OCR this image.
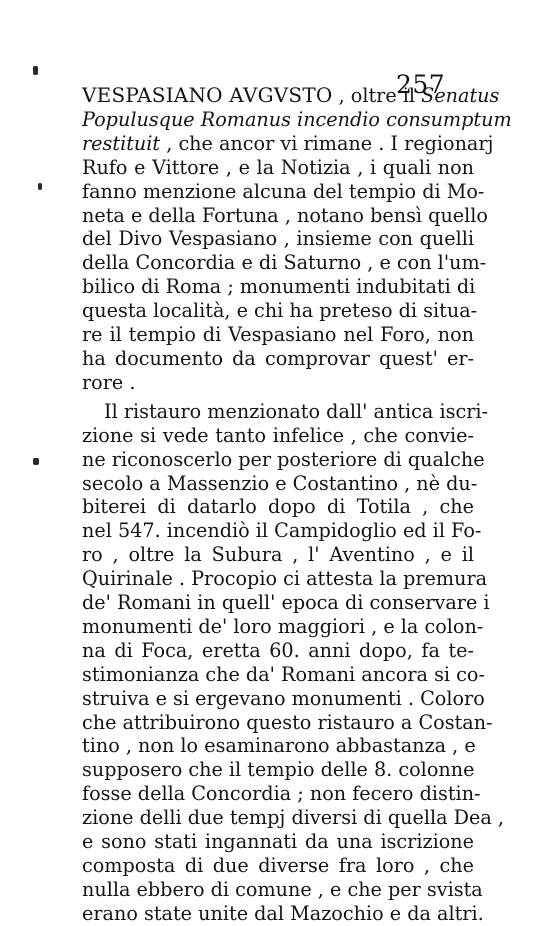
257
VESPASIANO AVGVSTO , oltre il Senatus
Populusque Romanus incendio consumptum
restituit , che ancor vi rimane . I regionarj
Rufo e Vittore , e la Notizia , i quali non
fanno menzione alcuna del tempio di Mo-
neta e della Fortuna , notano bensì quello
del Divo Vespasiano , insieme con quelli
della Concordia e di Saturno , e con l'um-
bilico di Roma ; monumenti indubitati di
questa località, e chi ha preteso di situa-
re il tempio di Vespasiano nel Foro, non
ha documento da comprovar quest' er-
rore .
Il ristauro menzionato dall' antica iscri-
zione si vede tanto infelice , che convie-
ne riconoscerlo per posteriore di qualche
secolo a Massenzio e Costantino , nè du-
biterei di datarlo dopo di Totila , che
nel 547. incendiò il Campidoglio ed il Fo-
ro , oltre la Subura , l' Aventino , e il
Quirinale . Procopio ci attesta la premura
de' Romani in quell' epoca di conservare i
monumenti de' loro maggiori , e la colon-
na di Foca, eretta 60. anni dopo, fa te-
stimonianza che da' Romani ancora si co-
struiva e si ergevano monumenti . Coloro
che attribuirono questo ristauro a Costan-
tino , non lo esaminarono abbastanza , e
supposero che il tempio delle 8. colonne
fosse della Concordia ; non fecero distin-
zione delli due tempj diversi di quella Dea ,
e sono stati ingannati da una iscrizione
composta di due diverse fra loro , che
nulla ebbero di comune , e che per svista
erano state unite dal Mazochio e da altri.
